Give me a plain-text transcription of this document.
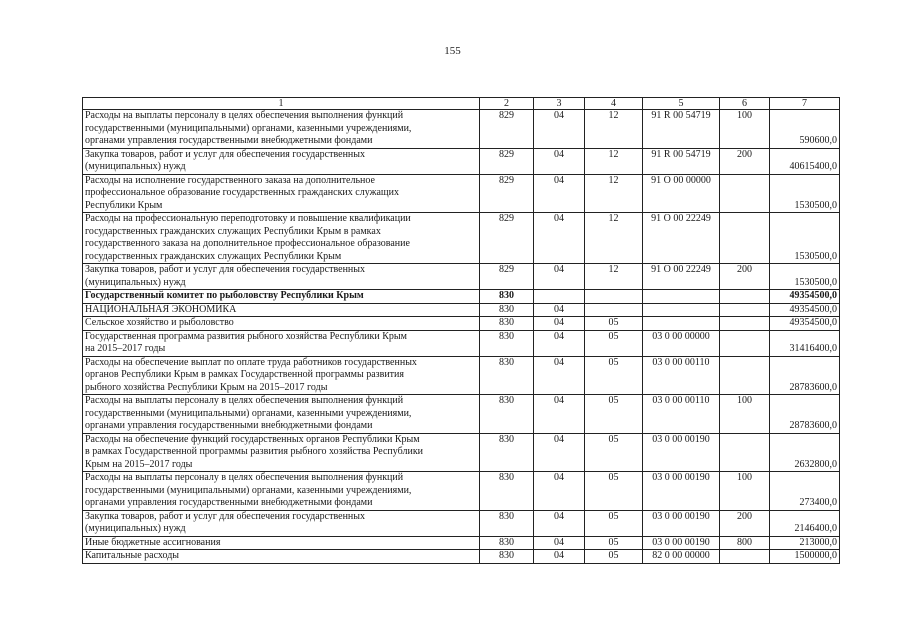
155
1	2	3	4	5	6	7

Расходы на выплаты персоналу в целях обеспечения выполнения функций
государственными (муниципальными) органами, казенными учреждениями,
органами управления государственными внебюджетными фондами	829	04	12	91 R 00 54719	100	590600,0

Закупка товаров, работ и услуг для обеспечения государственных
(муниципальных) нужд	829	04	12	91 R 00 54719	200	40615400,0

Расходы на исполнение государственного заказа на дополнительное
профессиональное образование государственных гражданских служащих
Республики Крым	829	04	12	91 О 00 00000		1530500,0

Расходы на профессиональную переподготовку и повышение квалификации
государственных гражданских служащих Республики Крым в рамках
государственного заказа на дополнительное профессиональное образование
государственных гражданских служащих Республики Крым	829	04	12	91 О 00 22249		1530500,0

Закупка товаров, работ и услуг для обеспечения государственных
(муниципальных) нужд	829	04	12	91 О 00 22249	200	1530500,0

Государственный комитет по рыболовству Республики Крым	830					49354500,0

НАЦИОНАЛЬНАЯ ЭКОНОМИКА	830	04				49354500,0

Сельское хозяйство и рыболовство	830	04	05			49354500,0

Государственная программа развития рыбного хозяйства Республики Крым
на 2015–2017 годы	830	04	05	03 0 00 00000		31416400,0

Расходы на обеспечение выплат по оплате труда работников государственных
органов Республики Крым в рамках Государственной программы развития
рыбного хозяйства Республики Крым на 2015–2017 годы	830	04	05	03 0 00 00110		28783600,0

Расходы на выплаты персоналу в целях обеспечения выполнения функций
государственными (муниципальными) органами, казенными учреждениями,
органами управления государственными внебюджетными фондами	830	04	05	03 0 00 00110	100	28783600,0

Расходы на обеспечение функций государственных органов Республики Крым
в рамках Государственной программы развития рыбного хозяйства Республики
Крым на 2015–2017 годы	830	04	05	03 0 00 00190		2632800,0

Расходы на выплаты персоналу в целях обеспечения выполнения функций
государственными (муниципальными) органами, казенными учреждениями,
органами управления государственными внебюджетными фондами	830	04	05	03 0 00 00190	100	273400,0

Закупка товаров, работ и услуг для обеспечения государственных
(муниципальных) нужд	830	04	05	03 0 00 00190	200	2146400,0

Иные бюджетные ассигнования	830	04	05	03 0 00 00190	800	213000,0

Капитальные расходы	830	04	05	82 0 00 00000		1500000,0
